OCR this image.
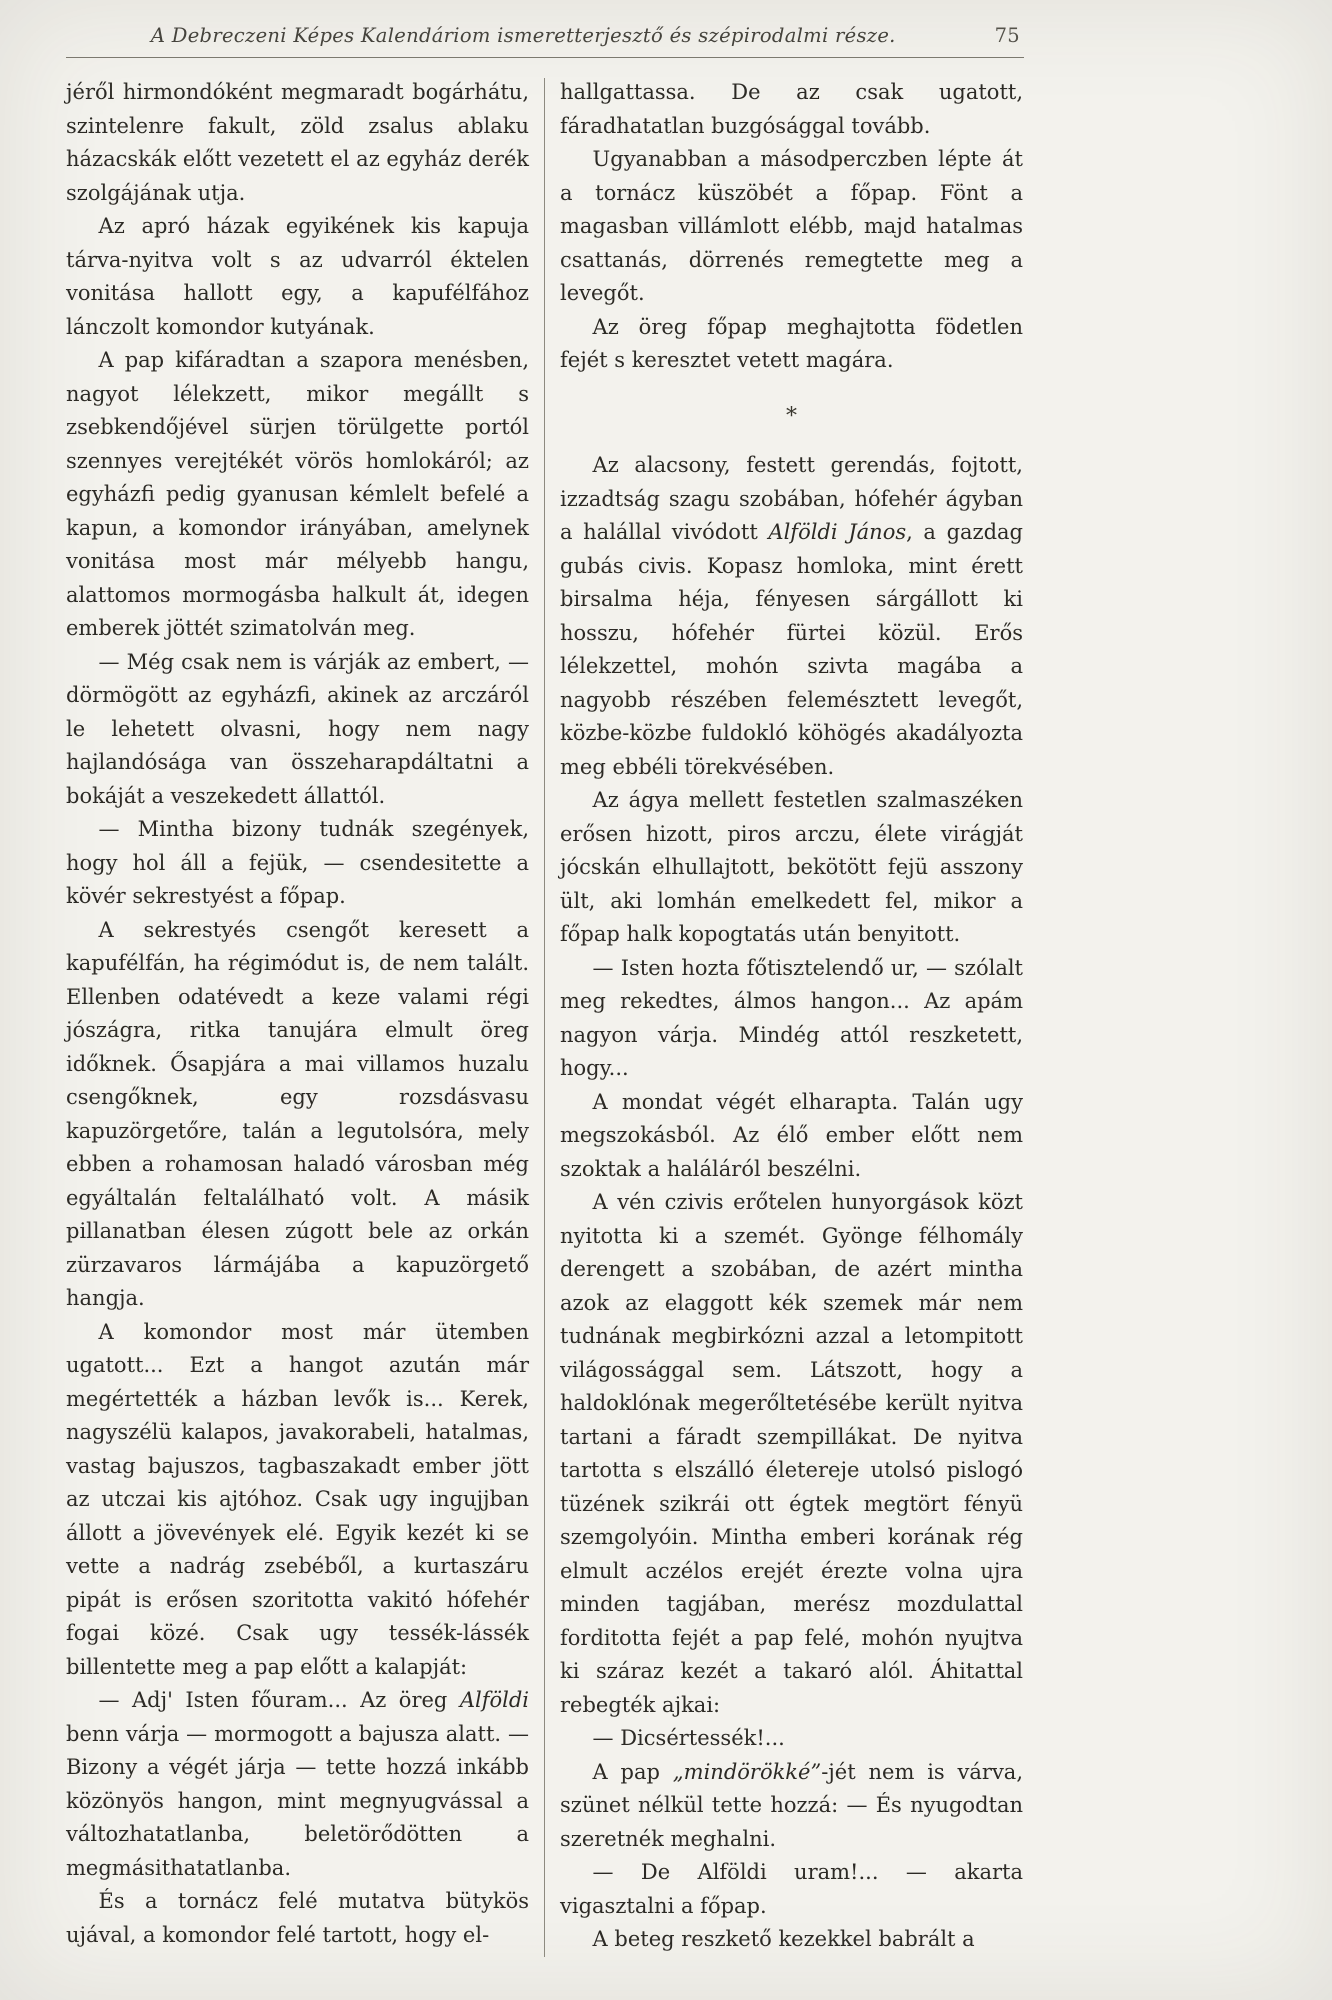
A Debreczeni Képes Kalendáriom ismeretterjesztő és szépirodalmi része.	75

jéről hirmondóként megmaradt bogárhátu, szintelenre fakult, zöld zsalus ablaku házacskák előtt vezetett el az egyház derék szolgájának utja.

Az apró házak egyikének kis kapuja tárva-nyitva volt s az udvarról éktelen vonitása hallott egy, a kapufélfához lánczolt komondor kutyának.

A pap kifáradtan a szapora menésben, nagyot lélekzett, mikor megállt s zsebkendőjével sürjen törülgette portól szennyes verejtékét vörös homlokáról; az egyházfi pedig gyanusan kémlelt befelé a kapun, a komondor irányában, amelynek vonitása most már mélyebb hangu, alattomos mormogásba halkult át, idegen emberek jöttét szimatolván meg.

— Még csak nem is várják az embert, — dörmögött az egyházfi, akinek az arczáról le lehetett olvasni, hogy nem nagy hajlandósága van összeharapdáltatni a bokáját a veszekedett állattól.

— Mintha bizony tudnák szegények, hogy hol áll a fejük, — csendesitette a kövér sekrestyést a főpap.

A sekrestyés csengőt keresett a kapufélfán, ha régimódut is, de nem talált. Ellenben odatévedt a keze valami régi jószágra, ritka tanujára elmult öreg időknek. Ősapjára a mai villamos huzalu csengőknek, egy rozsdásvasu kapuzörgetőre, talán a legutolsóra, mely ebben a rohamosan haladó városban még egyáltalán feltalálható volt. A másik pillanatban élesen zúgott bele az orkán zürzavaros lármájába a kapuzörgető hangja.

A komondor most már ütemben ugatott... Ezt a hangot azután már megértették a házban levők is... Kerek, nagyszélü kalapos, javakorabeli, hatalmas, vastag bajuszos, tagbaszakadt ember jött az utczai kis ajtóhoz. Csak ugy ingujjban állott a jövevények elé. Egyik kezét ki se vette a nadrág zsebéből, a kurtaszáru pipát is erősen szoritotta vakitó hófehér fogai közé. Csak ugy tessék-lássék billentette meg a pap előtt a kalapját:

— Adj' Isten főuram... Az öreg Alföldi benn várja — mormogott a bajusza alatt. — Bizony a végét járja — tette hozzá inkább közönyös hangon, mint megnyugvással a változhatatlanba, beletörődötten a megmásithatatlanba.

És a tornácz felé mutatva bütykös ujával, a komondor felé tartott, hogy el-

hallgattassa. De az csak ugatott, fáradhatatlan buzgósággal tovább.

Ugyanabban a másodperczben lépte át a tornácz küszöbét a főpap. Fönt a magasban villámlott elébb, majd hatalmas csattanás, dörrenés remegtette meg a levegőt.

Az öreg főpap meghajtotta födetlen fejét s keresztet vetett magára.

*

Az alacsony, festett gerendás, fojtott, izzadtság szagu szobában, hófehér ágyban a halállal vivódott Alföldi János, a gazdag gubás civis. Kopasz homloka, mint érett birsalma héja, fényesen sárgállott ki hosszu, hófehér fürtei közül. Erős lélekzettel, mohón szivta magába a nagyobb részében felemésztett levegőt, közbe-közbe fuldokló köhögés akadályozta meg ebbéli törekvésében.

Az ágya mellett festetlen szalmaszéken erősen hizott, piros arczu, élete virágját jócskán elhullajtott, bekötött fejü asszony ült, aki lomhán emelkedett fel, mikor a főpap halk kopogtatás után benyitott.

— Isten hozta főtisztelendő ur, — szólalt meg rekedtes, álmos hangon... Az apám nagyon várja. Mindég attól reszketett, hogy...

A mondat végét elharapta. Talán ugy megszokásból. Az élő ember előtt nem szoktak a haláláról beszélni.

A vén czivis erőtelen hunyorgások közt nyitotta ki a szemét. Gyönge félhomály derengett a szobában, de azért mintha azok az elaggott kék szemek már nem tudnának megbirkózni azzal a letompitott világossággal sem. Látszott, hogy a haldoklónak megerőltetésébe került nyitva tartani a fáradt szempillákat. De nyitva tartotta s elszálló életereje utolsó pislogó tüzének szikrái ott égtek megtört fényü szemgolyóin. Mintha emberi korának rég elmult aczélos erejét érezte volna ujra minden tagjában, merész mozdulattal forditotta fejét a pap felé, mohón nyujtva ki száraz kezét a takaró alól. Áhitattal rebegték ajkai:

— Dicsértessék!...

A pap „mindörökké”-jét nem is várva, szünet nélkül tette hozzá: — És nyugodtan szeretnék meghalni.

— De Alföldi uram!... — akarta vigasztalni a főpap.

A beteg reszkető kezekkel babrált a
